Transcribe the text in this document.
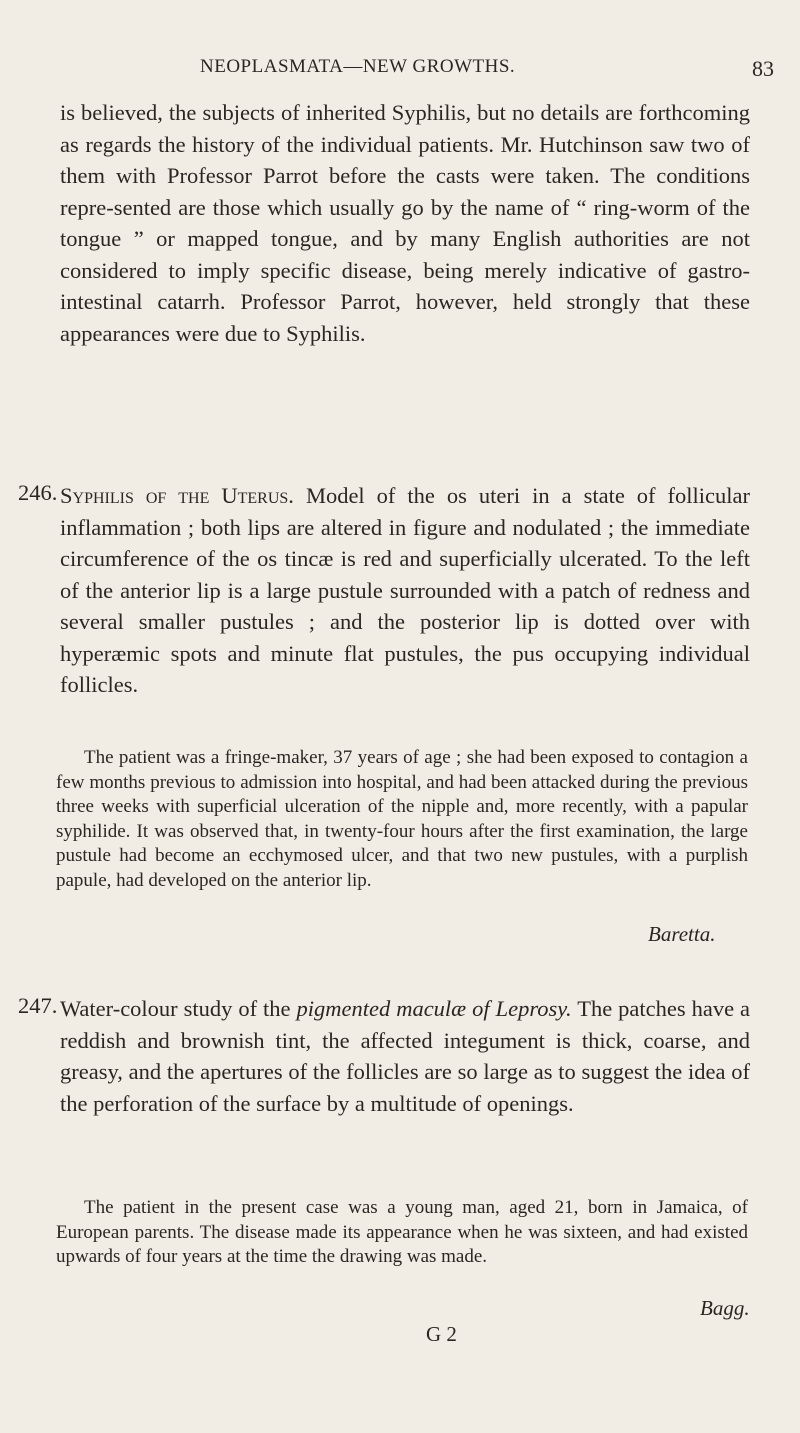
NEOPLASMATA—NEW GROWTHS.	83

is believed, the subjects of inherited Syphilis, but no details are forthcoming as regards the history of the individual patients. Mr. Hutchinson saw two of them with Professor Parrot before the casts were taken. The conditions repre-sented are those which usually go by the name of “ ring-worm of the tongue ” or mapped tongue, and by many English authorities are not considered to imply specific disease, being merely indicative of gastro-intestinal catarrh. Professor Parrot, however, held strongly that these appearances were due to Syphilis.

246. Syphilis of the Uterus. Model of the os uteri in a state of follicular inflammation ; both lips are altered in figure and nodulated ; the immediate circumference of the os tincæ is red and superficially ulcerated. To the left of the anterior lip is a large pustule surrounded with a patch of redness and several smaller pustules ; and the posterior lip is dotted over with hyperæmic spots and minute flat pustules, the pus occupying individual follicles.

The patient was a fringe-maker, 37 years of age ; she had been exposed to contagion a few months previous to admission into hospital, and had been attacked during the previous three weeks with superficial ulceration of the nipple and, more recently, with a papular syphilide. It was observed that, in twenty-four hours after the first examination, the large pustule had become an ecchymosed ulcer, and that two new pustules, with a purplish papule, had developed on the anterior lip.

Baretta.
247. Water-colour study of the pigmented maculæ of Leprosy. The patches have a reddish and brownish tint, the affected integument is thick, coarse, and greasy, and the apertures of the follicles are so large as to suggest the idea of the perforation of the surface by a multitude of openings.

The patient in the present case was a young man, aged 21, born in Jamaica, of European parents. The disease made its appearance when he was sixteen, and had existed upwards of four years at the time the drawing was made.

Bagg.
G 2
